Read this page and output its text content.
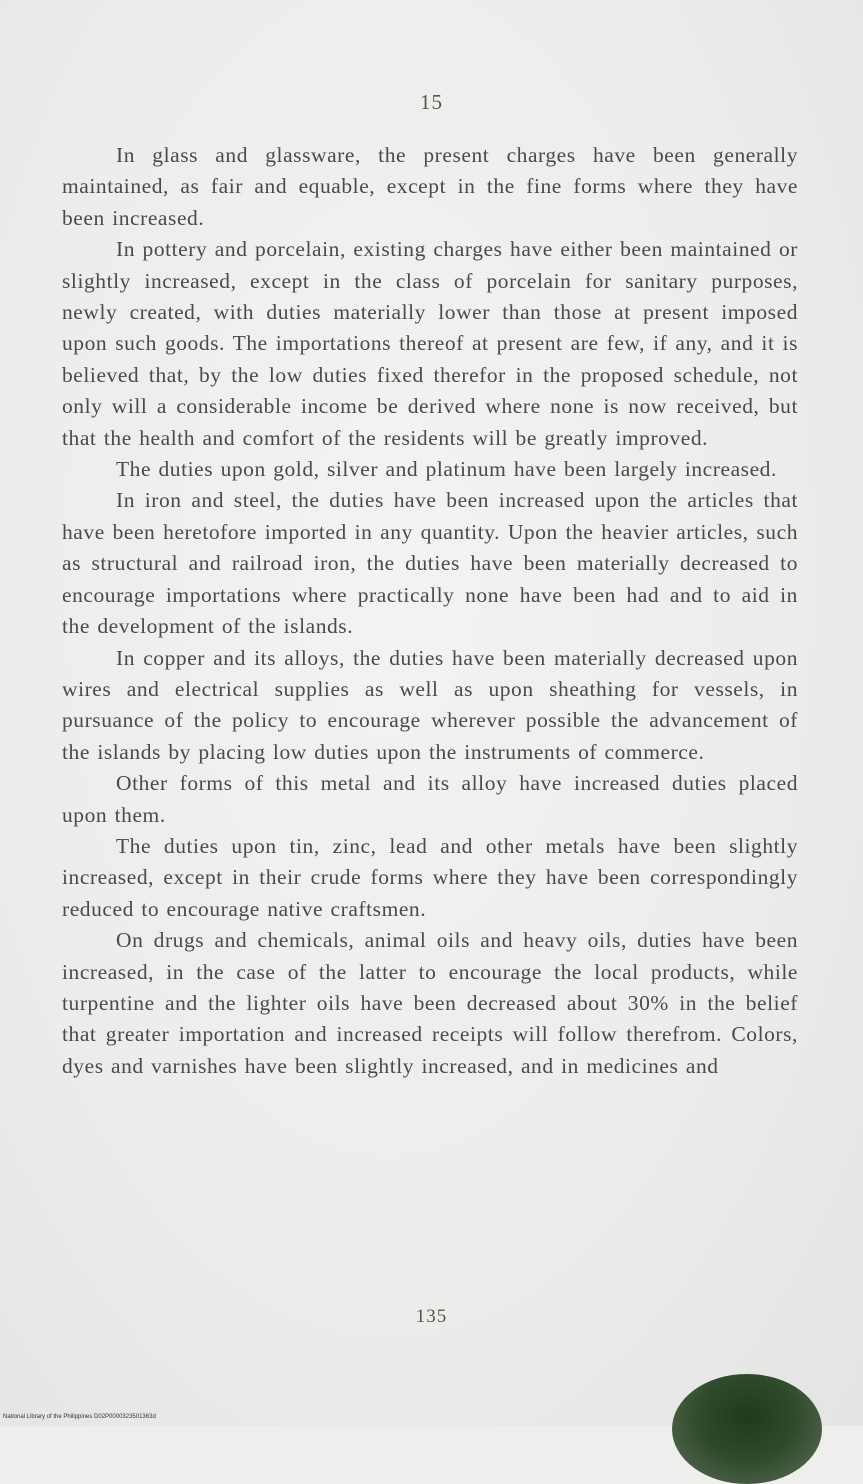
15

In glass and glassware, the present charges have been generally maintained, as fair and equable, except in the fine forms where they have been increased.

In pottery and porcelain, existing charges have either been maintained or slightly increased, except in the class of porcelain for sanitary purposes, newly created, with duties materially lower than those at present imposed upon such goods. The importations thereof at present are few, if any, and it is believed that, by the low duties fixed therefor in the proposed schedule, not only will a considerable income be derived where none is now received, but that the health and comfort of the residents will be greatly improved.

The duties upon gold, silver and platinum have been largely increased.

In iron and steel, the duties have been increased upon the articles that have been heretofore imported in any quantity. Upon the heavier articles, such as structural and railroad iron, the duties have been materially decreased to encourage importations where practically none have been had and to aid in the development of the islands.

In copper and its alloys, the duties have been materially decreased upon wires and electrical supplies as well as upon sheathing for vessels, in pursuance of the policy to encourage wherever possible the advancement of the islands by placing low duties upon the instruments of commerce.

Other forms of this metal and its alloy have increased duties placed upon them.

The duties upon tin, zinc, lead and other metals have been slightly increased, except in their crude forms where they have been correspondingly reduced to encourage native craftsmen.

On drugs and chemicals, animal oils and heavy oils, duties have been increased, in the case of the latter to encourage the local products, while turpentine and the lighter oils have been decreased about 30% in the belief that greater importation and increased receipts will follow therefrom. Colors, dyes and varnishes have been slightly increased, and in medicines and

135
National Library of the Philippines D02P0000323501363d
